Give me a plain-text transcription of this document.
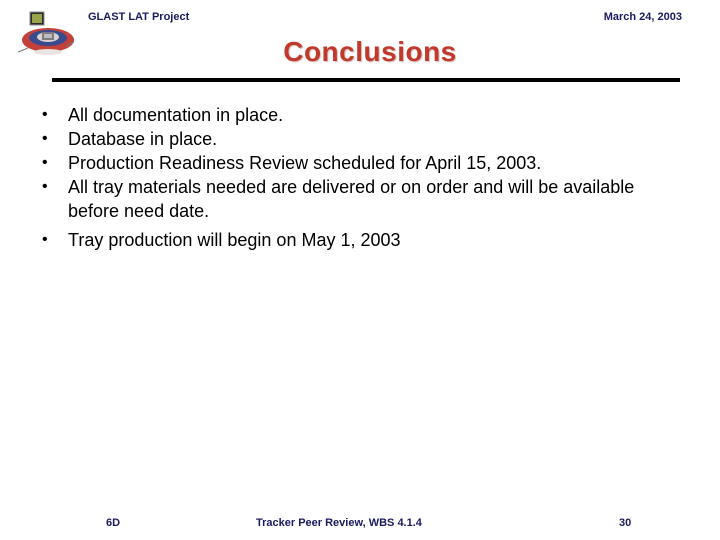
GLAST LAT Project	March 24, 2003
Conclusions
• All documentation in place.
• Database in place.
• Production Readiness Review scheduled for April 15, 2003.
• All tray materials needed are delivered or on order and will be available before need date.
• Tray production will begin on May 1, 2003
6D	Tracker Peer Review, WBS 4.1.4	30
